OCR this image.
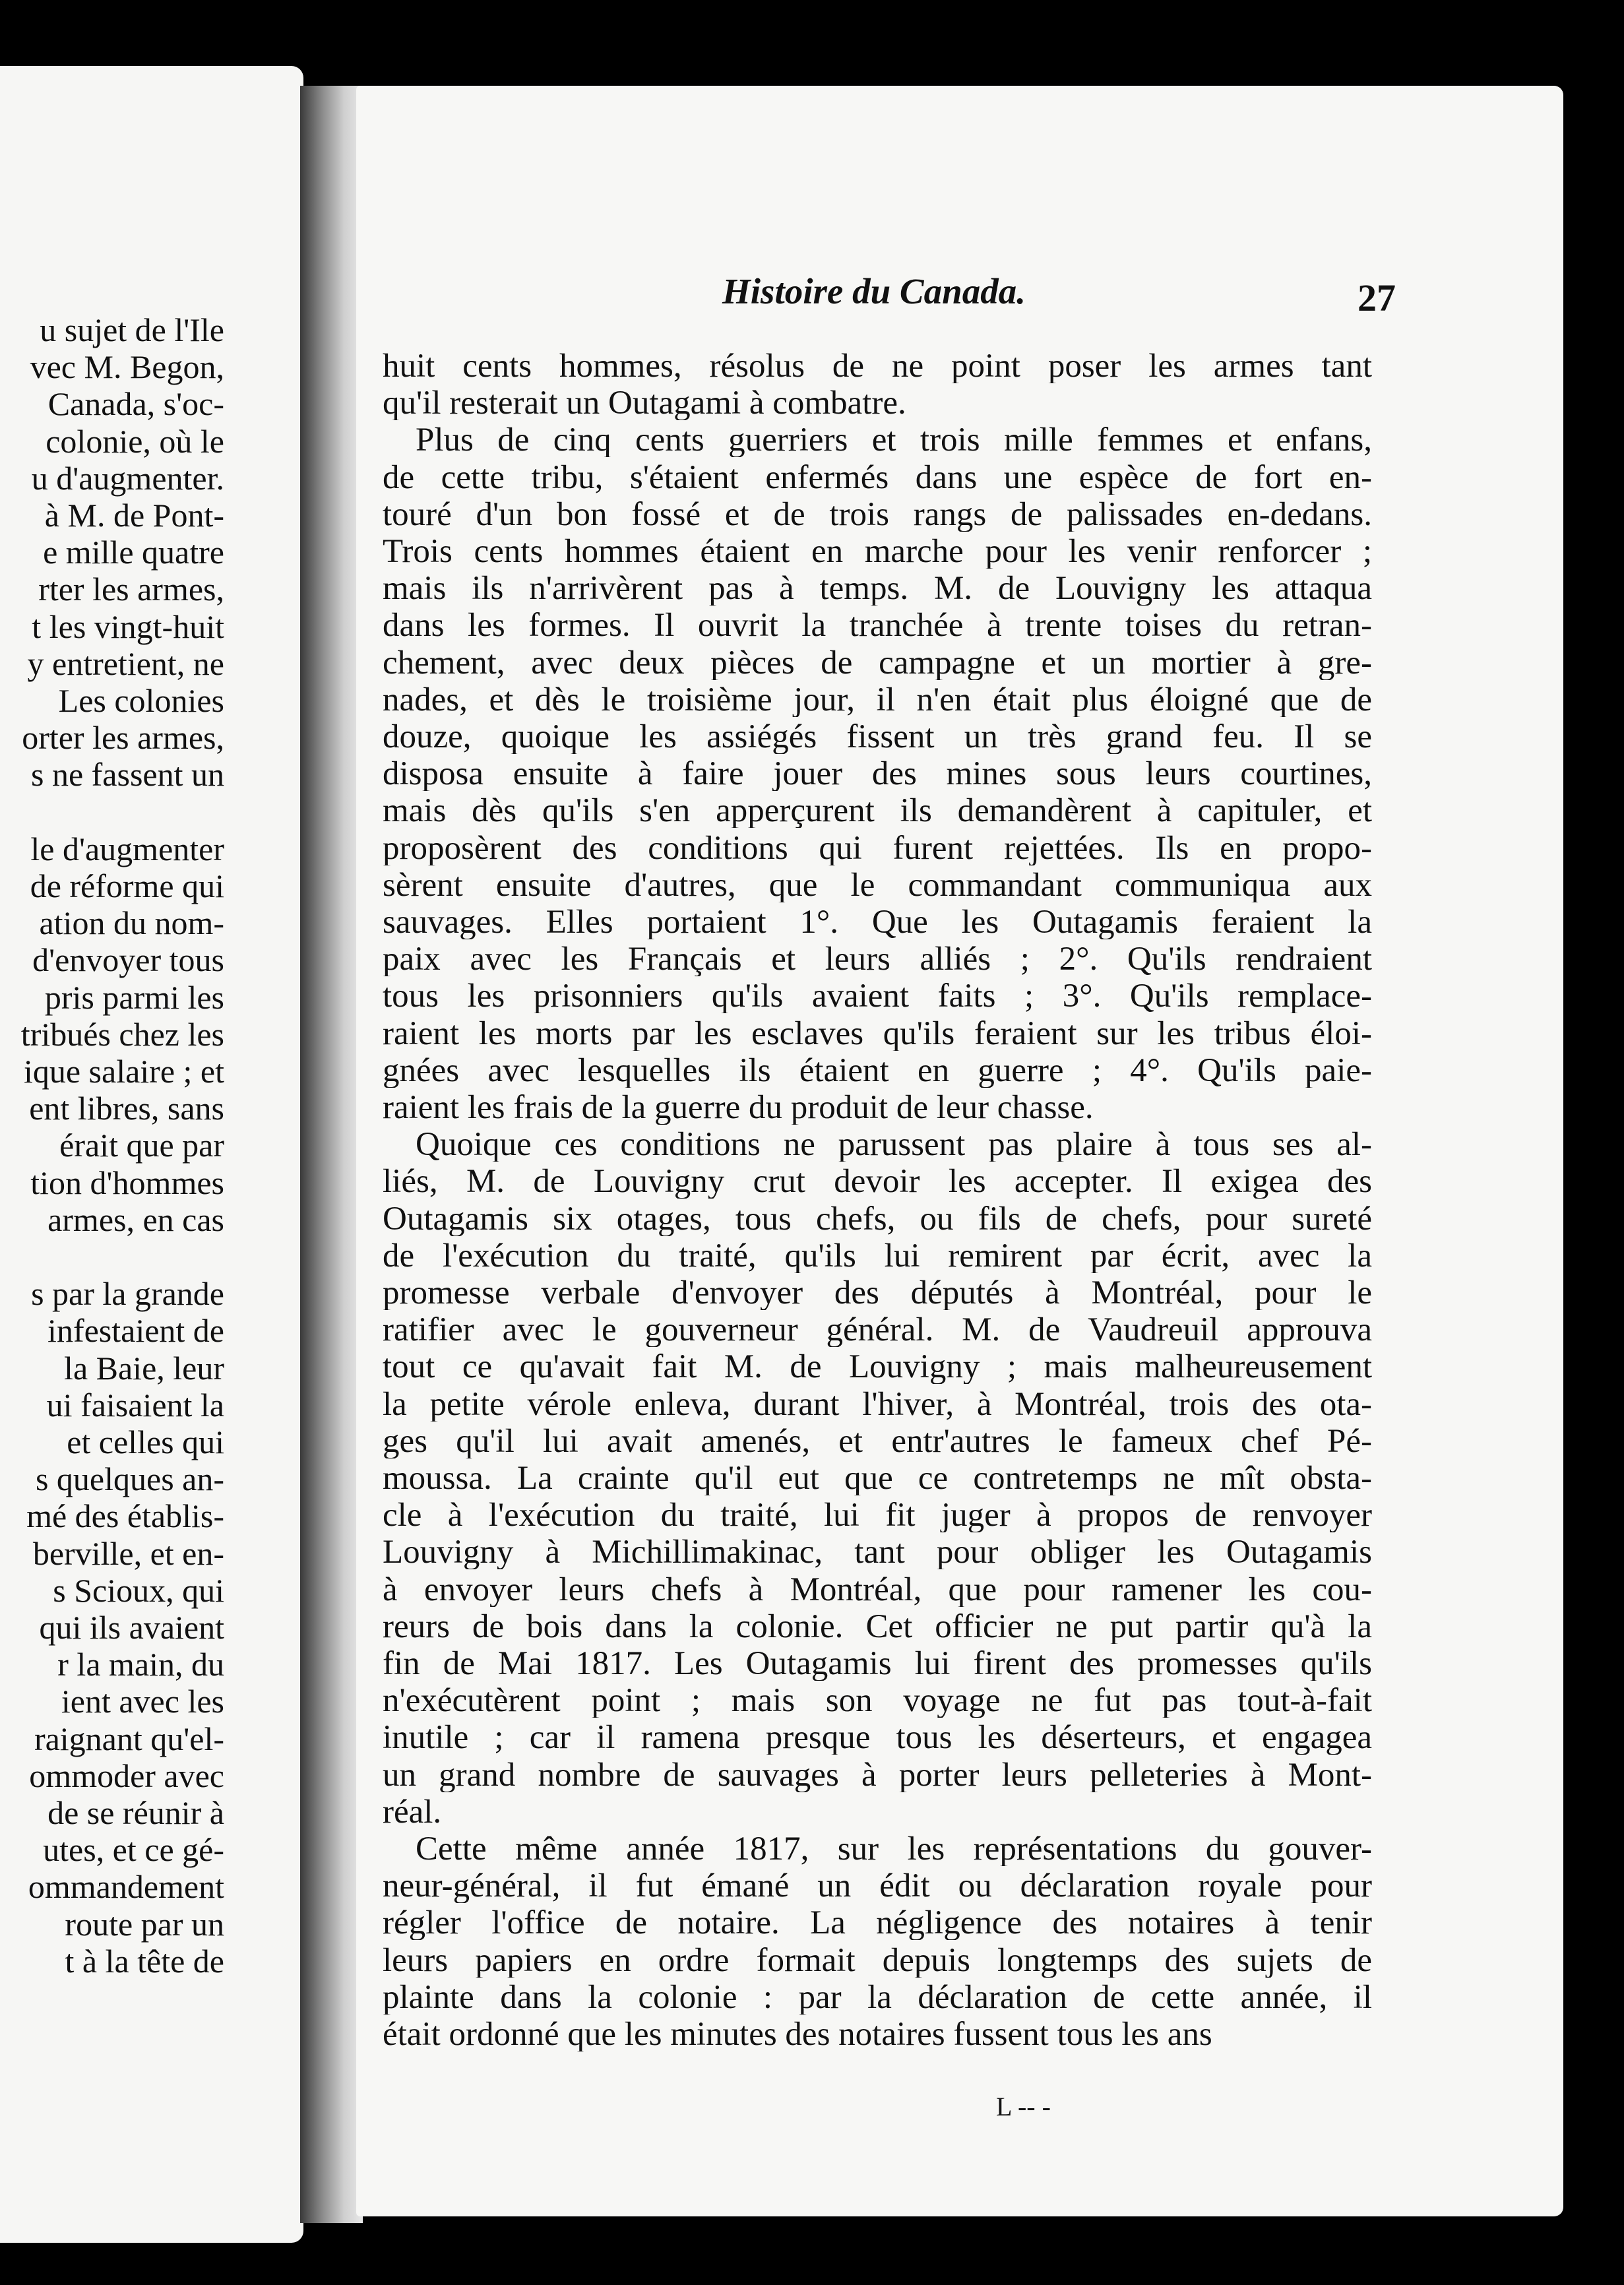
u sujet de l'Ile
vec M. Begon,
Canada, s'oc-
colonie, où le
u d'augmenter.
à M. de Pont-
e mille quatre
rter les armes,
t les vingt-huit
y entretient, ne
Les colonies
orter les armes,
s ne fassent un
le d'augmenter
de réforme qui
ation du nom-
d'envoyer tous
pris parmi les
tribués chez les
ique salaire ; et
ent libres, sans
érait que par
tion d'hommes
armes, en cas
s par la grande
infestaient de
la Baie, leur
ui faisaient la
et celles qui
s quelques an-
mé des établis-
berville, et en-
s Scioux, qui
qui ils avaient
r la main, du
ient avec les
raignant qu'el-
ommoder avec
de se réunir à
utes, et ce gé-
ommandement
route par un
t à la tête de
Histoire du Canada.	27
huit cents hommes, résolus de ne point poser les armes tant
qu'il resterait un Outagami à combatre.
Plus de cinq cents guerriers et trois mille femmes et enfans,
de cette tribu, s'étaient enfermés dans une espèce de fort en-
touré d'un bon fossé et de trois rangs de palissades en-dedans.
Trois cents hommes étaient en marche pour les venir renforcer ;
mais ils n'arrivèrent pas à temps. M. de Louvigny les attaqua
dans les formes. Il ouvrit la tranchée à trente toises du retran-
chement, avec deux pièces de campagne et un mortier à gre-
nades, et dès le troisième jour, il n'en était plus éloigné que de
douze, quoique les assiégés fissent un très grand feu. Il se
disposa ensuite à faire jouer des mines sous leurs courtines,
mais dès qu'ils s'en apperçurent ils demandèrent à capituler, et
proposèrent des conditions qui furent rejettées. Ils en propo-
sèrent ensuite d'autres, que le commandant communiqua aux
sauvages. Elles portaient 1°. Que les Outagamis feraient la
paix avec les Français et leurs alliés ; 2°. Qu'ils rendraient
tous les prisonniers qu'ils avaient faits ; 3°. Qu'ils remplace-
raient les morts par les esclaves qu'ils feraient sur les tribus éloi-
gnées avec lesquelles ils étaient en guerre ; 4°. Qu'ils paie-
raient les frais de la guerre du produit de leur chasse.
Quoique ces conditions ne parussent pas plaire à tous ses al-
liés, M. de Louvigny crut devoir les accepter. Il exigea des
Outagamis six otages, tous chefs, ou fils de chefs, pour sureté
de l'exécution du traité, qu'ils lui remirent par écrit, avec la
promesse verbale d'envoyer des députés à Montréal, pour le
ratifier avec le gouverneur général. M. de Vaudreuil approuva
tout ce qu'avait fait M. de Louvigny ; mais malheureusement
la petite vérole enleva, durant l'hiver, à Montréal, trois des ota-
ges qu'il lui avait amenés, et entr'autres le fameux chef Pé-
moussa. La crainte qu'il eut que ce contretemps ne mît obsta-
cle à l'exécution du traité, lui fit juger à propos de renvoyer
Louvigny à Michillimakinac, tant pour obliger les Outagamis
à envoyer leurs chefs à Montréal, que pour ramener les cou-
reurs de bois dans la colonie. Cet officier ne put partir qu'à la
fin de Mai 1817. Les Outagamis lui firent des promesses qu'ils
n'exécutèrent point ; mais son voyage ne fut pas tout-à-fait
inutile ; car il ramena presque tous les déserteurs, et engagea
un grand nombre de sauvages à porter leurs pelleteries à Mont-
réal.
Cette même année 1817, sur les représentations du gouver-
neur-général, il fut émané un édit ou déclaration royale pour
régler l'office de notaire. La négligence des notaires à tenir
leurs papiers en ordre formait depuis longtemps des sujets de
plainte dans la colonie : par la déclaration de cette année, il
était ordonné que les minutes des notaires fussent tous les ans
L -- -
